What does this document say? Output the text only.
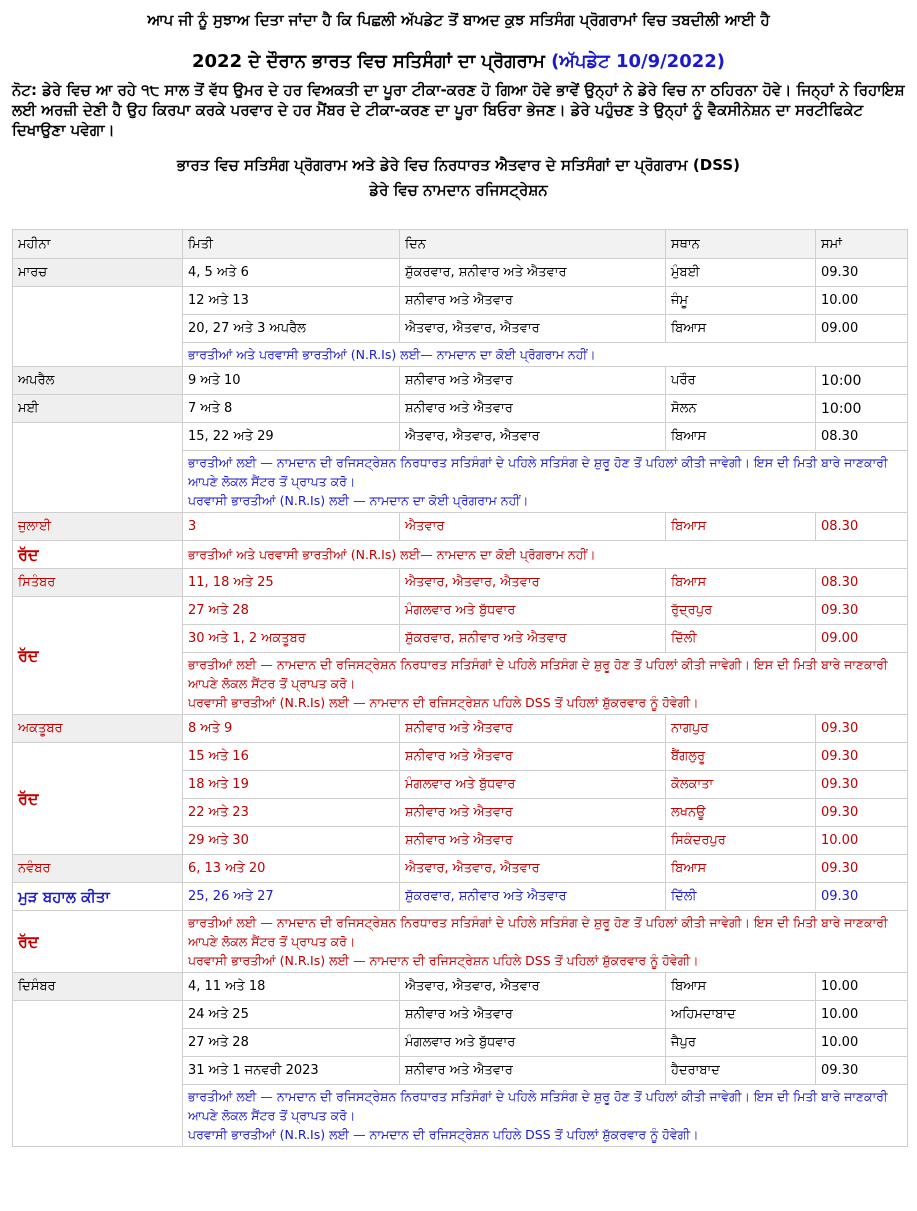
ਆਪ ਜੀ ਨੂੰ ਸੁਝਾਅ ਦਿਤਾ ਜਾਂਦਾ ਹੈ ਕਿ ਪਿਛਲੀ ਅੱਪਡੇਟ ਤੋਂ ਬਾਅਦ ਕੁਝ ਸਤਿਸੰਗ ਪ੍ਰੋਗਰਾਮਾਂ ਵਿਚ ਤਬਦੀਲੀ ਆਈ ਹੈ
2022 ਦੇ ਦੌਰਾਨ ਭਾਰਤ ਵਿਚ ਸਤਿਸੰਗਾਂ ਦਾ ਪ੍ਰੋਗਰਾਮ (ਅੱਪਡੇਟ 10/9/2022)
ਨੋਟ: ਡੇਰੇ ਵਿਚ ਆ ਰਹੇ ੧੮ ਸਾਲ ਤੋਂ ਵੱਧ ਉਮਰ ਦੇ ਹਰ ਵਿਅਕਤੀ ਦਾ ਪੂਰਾ ਟੀਕਾ-ਕਰਣ ਹੋ ਗਿਆ ਹੋਵੇ ਭਾਵੇਂ ਉਨ੍ਹਾਂ ਨੇ ਡੇਰੇ ਵਿਚ ਨਾ ਠਹਿਰਨਾ ਹੋਵੇ। ਜਿਨ੍ਹਾਂ ਨੇ ਰਿਹਾਇਸ਼ ਲਈ ਅਰਜ਼ੀ ਦੇਣੀ ਹੈ ਉਹ ਕਿਰਪਾ ਕਰਕੇ ਪਰਵਾਰ ਦੇ ਹਰ ਮੈਂਬਰ ਦੇ ਟੀਕਾ-ਕਰਣ ਦਾ ਪੂਰਾ ਬਿਓਰਾ ਭੇਜਣ। ਡੇਰੇ ਪਹੁੰਚਣ ਤੇ ਉਨ੍ਹਾਂ ਨੂੰ ਵੈਕਸੀਨੇਸ਼ਨ ਦਾ ਸਰਟੀਫਿਕੇਟ ਦਿਖਾਉਣਾ ਪਵੇਗਾ।
ਭਾਰਤ ਵਿਚ ਸਤਿਸੰਗ ਪ੍ਰੋਗਰਾਮ ਅਤੇ ਡੇਰੇ ਵਿਚ ਨਿਰਧਾਰਤ ਐਤਵਾਰ ਦੇ ਸਤਿਸੰਗਾਂ ਦਾ ਪ੍ਰੋਗਰਾਮ (DSS)
ਡੇਰੇ ਵਿਚ ਨਾਮਦਾਨ ਰਜਿਸਟ੍ਰੇਸ਼ਨ
ਮਹੀਨਾ	ਮਿਤੀ	ਦਿਨ	ਸਥਾਨ	ਸਮਾਂ
ਮਾਰਚ	4, 5 ਅਤੇ 6	ਸ਼ੁੱਕਰਵਾਰ, ਸ਼ਨੀਵਾਰ ਅਤੇ ਐਤਵਾਰ	ਮੁੰਬਈ	09.30
	12 ਅਤੇ 13	ਸ਼ਨੀਵਾਰ ਅਤੇ ਐਤਵਾਰ	ਜੰਮੂ	10.00
	20, 27 ਅਤੇ 3 ਅਪਰੈਲ	ਐਤਵਾਰ, ਐਤਵਾਰ, ਐਤਵਾਰ	ਬਿਆਸ	09.00
	ਭਾਰਤੀਆਂ ਅਤੇ ਪਰਵਾਸੀ ਭਾਰਤੀਆਂ (N.R.Is) ਲਈ— ਨਾਮਦਾਨ ਦਾ ਕੋਈ ਪ੍ਰੋਗਰਾਮ ਨਹੀਂ।			
ਅਪਰੈਲ	9 ਅਤੇ 10	ਸ਼ਨੀਵਾਰ ਅਤੇ ਐਤਵਾਰ	ਪਰੌਰ	10:00
ਮਈ	7 ਅਤੇ 8	ਸ਼ਨੀਵਾਰ ਅਤੇ ਐਤਵਾਰ	ਸੋਲਨ	10:00
	15, 22 ਅਤੇ 29	ਐਤਵਾਰ, ਐਤਵਾਰ, ਐਤਵਾਰ	ਬਿਆਸ	08.30

	ਭਾਰਤੀਆਂ ਲਈ — ਨਾਮਦਾਨ ਦੀ ਰਜਿਸਟ੍ਰੇਸ਼ਨ ਨਿਰਧਾਰਤ ਸਤਿਸੰਗਾਂ ਦੇ ਪਹਿਲੇ ਸਤਿਸੰਗ ਦੇ ਸ਼ੁਰੂ ਹੋਣ ਤੋਂ ਪਹਿਲਾਂ ਕੀਤੀ ਜਾਵੇਗੀ। ਇਸ ਦੀ ਮਿਤੀ ਬਾਰੇ ਜਾਣਕਾਰੀ ਆਪਣੇ ਲੋਕਲ ਸੈਂਟਰ ਤੋਂ ਪ੍ਰਾਪਤ ਕਰੋ।
ਪਰਵਾਸੀ ਭਾਰਤੀਆਂ (N.R.Is) ਲਈ — ਨਾਮਦਾਨ ਦਾ ਕੋਈ ਪ੍ਰੋਗਰਾਮ ਨਹੀਂ।			

ਜੁਲਾਈ	3	ਐਤਵਾਰ	ਬਿਆਸ	08.30
ਰੱਦ	ਭਾਰਤੀਆਂ ਅਤੇ ਪਰਵਾਸੀ ਭਾਰਤੀਆਂ (N.R.Is) ਲਈ— ਨਾਮਦਾਨ ਦਾ ਕੋਈ ਪ੍ਰੋਗਰਾਮ ਨਹੀਂ।			
ਸਿਤੰਬਰ	11, 18 ਅਤੇ 25	ਐਤਵਾਰ, ਐਤਵਾਰ, ਐਤਵਾਰ	ਬਿਆਸ	08.30
ਰੱਦ	27 ਅਤੇ 28	ਮੰਗਲਵਾਰ ਅਤੇ ਬੁੱਧਵਾਰ	ਰੁੱਦ੍ਰਪੁਰ	09.30
	30 ਅਤੇ 1, 2 ਅਕਤੂਬਰ	ਸ਼ੁੱਕਰਵਾਰ, ਸ਼ਨੀਵਾਰ ਅਤੇ ਐਤਵਾਰ	ਦਿੱਲੀ	09.00

	ਭਾਰਤੀਆਂ ਲਈ — ਨਾਮਦਾਨ ਦੀ ਰਜਿਸਟ੍ਰੇਸ਼ਨ ਨਿਰਧਾਰਤ ਸਤਿਸੰਗਾਂ ਦੇ ਪਹਿਲੇ ਸਤਿਸੰਗ ਦੇ ਸ਼ੁਰੂ ਹੋਣ ਤੋਂ ਪਹਿਲਾਂ ਕੀਤੀ ਜਾਵੇਗੀ। ਇਸ ਦੀ ਮਿਤੀ ਬਾਰੇ ਜਾਣਕਾਰੀ ਆਪਣੇ ਲੋਕਲ ਸੈਂਟਰ ਤੋਂ ਪ੍ਰਾਪਤ ਕਰੋ।
ਪਰਵਾਸੀ ਭਾਰਤੀਆਂ (N.R.Is) ਲਈ — ਨਾਮਦਾਨ ਦੀ ਰਜਿਸਟ੍ਰੇਸ਼ਨ ਪਹਿਲੇ DSS ਤੋਂ ਪਹਿਲਾਂ ਸ਼ੁੱਕਰਵਾਰ ਨੂੰ ਹੋਵੇਗੀ।			

ਅਕਤੂਬਰ	8 ਅਤੇ 9	ਸ਼ਨੀਵਾਰ ਅਤੇ ਐਤਵਾਰ	ਨਾਗਪੁਰ	09.30
ਰੱਦ	15 ਅਤੇ 16	ਸ਼ਨੀਵਾਰ ਅਤੇ ਐਤਵਾਰ	ਬੈਂਗਲੁਰੂ	09.30
	18 ਅਤੇ 19	ਮੰਗਲਵਾਰ ਅਤੇ ਬੁੱਧਵਾਰ	ਕੋਲਕਾਤਾ	09.30
	22 ਅਤੇ 23	ਸ਼ਨੀਵਾਰ ਅਤੇ ਐਤਵਾਰ	ਲਖਨਊ	09.30
	29 ਅਤੇ 30	ਸ਼ਨੀਵਾਰ ਅਤੇ ਐਤਵਾਰ	ਸਿਕੰਦਰਪੁਰ	10.00
ਨਵੰਬਰ	6, 13 ਅਤੇ 20	ਐਤਵਾਰ, ਐਤਵਾਰ, ਐਤਵਾਰ	ਬਿਆਸ	09.30
ਮੁੜ ਬਹਾਲ ਕੀਤਾ	25, 26 ਅਤੇ 27	ਸ਼ੁੱਕਰਵਾਰ, ਸ਼ਨੀਵਾਰ ਅਤੇ ਐਤਵਾਰ	ਦਿੱਲੀ	09.30
ਰੱਦ	ਭਾਰਤੀਆਂ ਲਈ — ਨਾਮਦਾਨ ਦੀ ਰਜਿਸਟ੍ਰੇਸ਼ਨ ਨਿਰਧਾਰਤ ਸਤਿਸੰਗਾਂ ਦੇ ਪਹਿਲੇ ਸਤਿਸੰਗ ਦੇ ਸ਼ੁਰੂ ਹੋਣ ਤੋਂ ਪਹਿਲਾਂ ਕੀਤੀ ਜਾਵੇਗੀ। ਇਸ ਦੀ ਮਿਤੀ ਬਾਰੇ ਜਾਣਕਾਰੀ ਆਪਣੇ ਲੋਕਲ ਸੈਂਟਰ ਤੋਂ ਪ੍ਰਾਪਤ ਕਰੋ।
ਪਰਵਾਸੀ ਭਾਰਤੀਆਂ (N.R.Is) ਲਈ — ਨਾਮਦਾਨ ਦੀ ਰਜਿਸਟ੍ਰੇਸ਼ਨ ਪਹਿਲੇ DSS ਤੋਂ ਪਹਿਲਾਂ ਸ਼ੁੱਕਰਵਾਰ ਨੂੰ ਹੋਵੇਗੀ।			

ਦਿਸੰਬਰ	4, 11 ਅਤੇ 18	ਐਤਵਾਰ, ਐਤਵਾਰ, ਐਤਵਾਰ	ਬਿਆਸ	10.00
	24 ਅਤੇ 25	ਸ਼ਨੀਵਾਰ ਅਤੇ ਐਤਵਾਰ	ਅਹਿਮਦਾਬਾਦ	10.00
	27 ਅਤੇ 28	ਮੰਗਲਵਾਰ ਅਤੇ ਬੁੱਧਵਾਰ	ਜੈਪੁਰ	10.00
	31 ਅਤੇ 1 ਜਨਵਰੀ 2023	ਸ਼ਨੀਵਾਰ ਅਤੇ ਐਤਵਾਰ	ਹੈਦਰਾਬਾਦ	09.30

	ਭਾਰਤੀਆਂ ਲਈ — ਨਾਮਦਾਨ ਦੀ ਰਜਿਸਟ੍ਰੇਸ਼ਨ ਨਿਰਧਾਰਤ ਸਤਿਸੰਗਾਂ ਦੇ ਪਹਿਲੇ ਸਤਿਸੰਗ ਦੇ ਸ਼ੁਰੂ ਹੋਣ ਤੋਂ ਪਹਿਲਾਂ ਕੀਤੀ ਜਾਵੇਗੀ। ਇਸ ਦੀ ਮਿਤੀ ਬਾਰੇ ਜਾਣਕਾਰੀ ਆਪਣੇ ਲੋਕਲ ਸੈਂਟਰ ਤੋਂ ਪ੍ਰਾਪਤ ਕਰੋ।
ਪਰਵਾਸੀ ਭਾਰਤੀਆਂ (N.R.Is) ਲਈ — ਨਾਮਦਾਨ ਦੀ ਰਜਿਸਟ੍ਰੇਸ਼ਨ ਪਹਿਲੇ DSS ਤੋਂ ਪਹਿਲਾਂ ਸ਼ੁੱਕਰਵਾਰ ਨੂੰ ਹੋਵੇਗੀ।			
